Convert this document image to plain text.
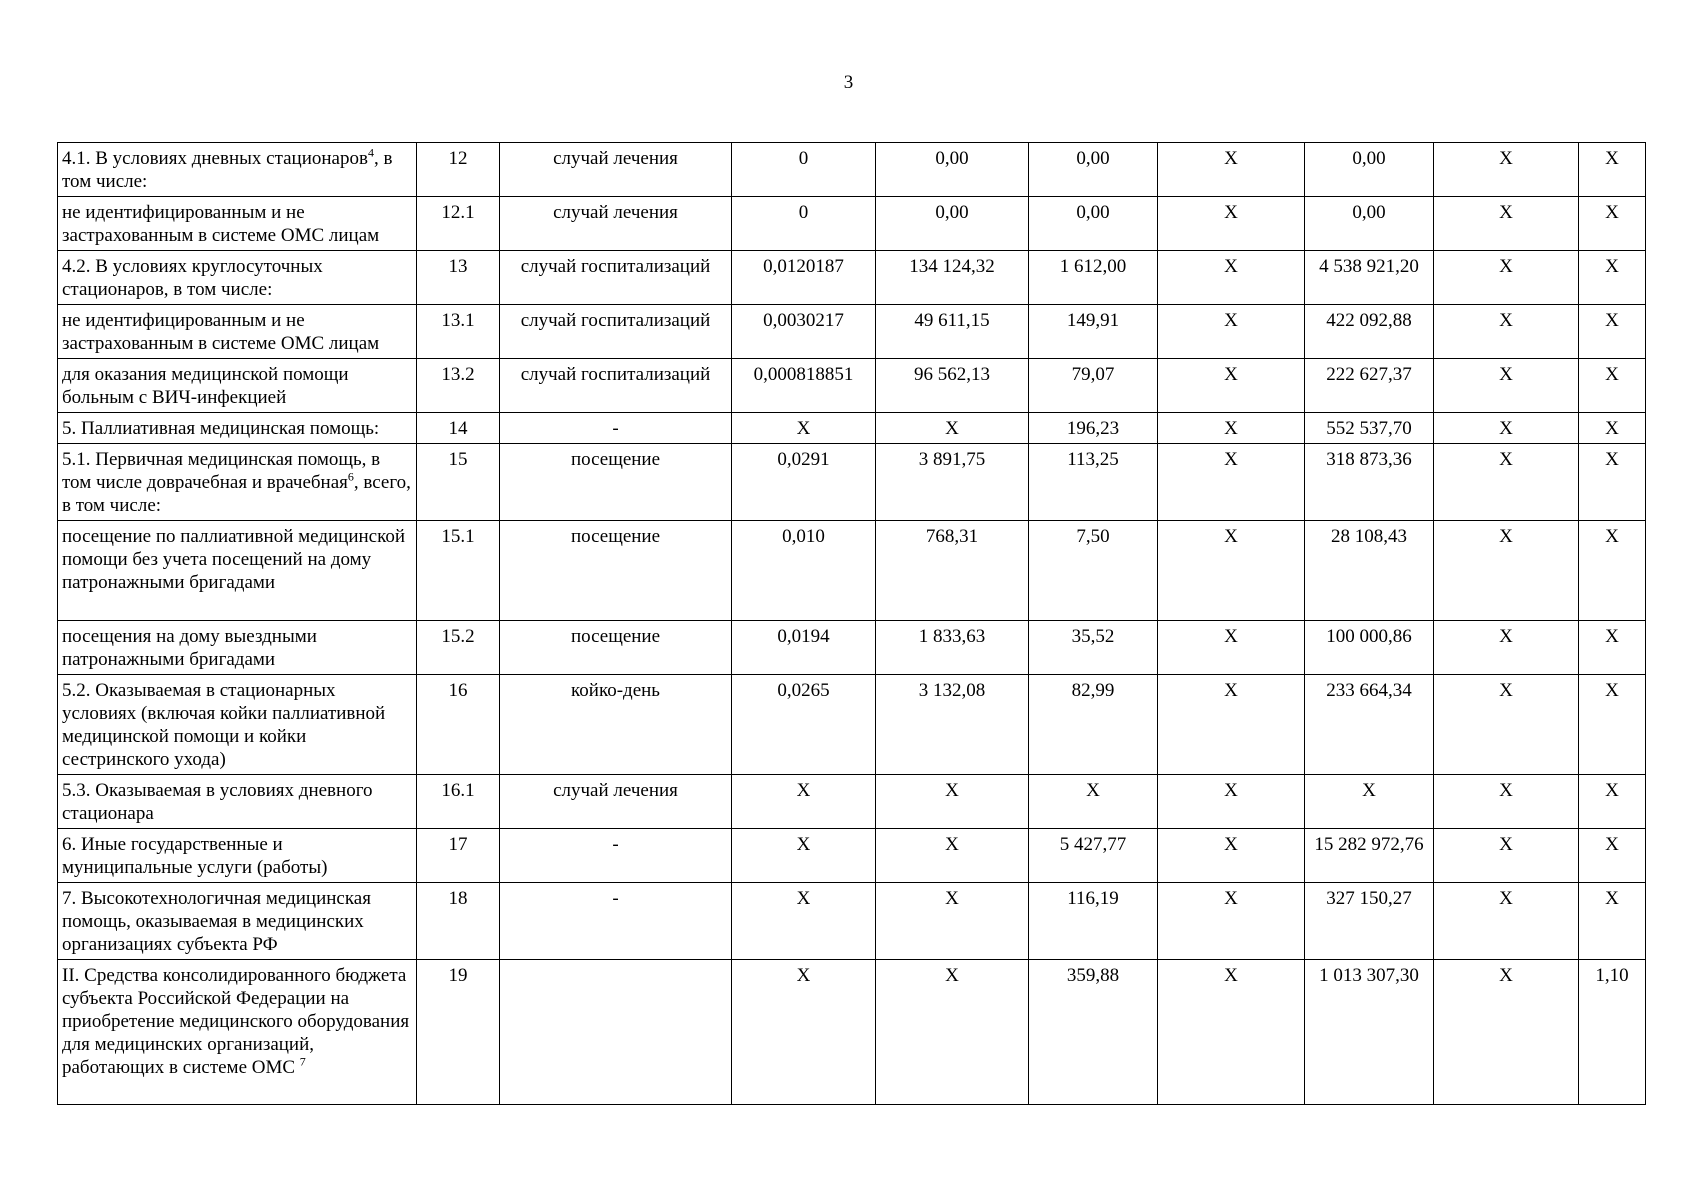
3
4.1. В условиях дневных стационаров$^4$, в том числе:	12	случай лечения	0	0,00	0,00	X	0,00	X	X
не идентифицированным и не застрахованным в системе ОМС лицам	12.1	случай лечения	0	0,00	0,00	X	0,00	X	X
4.2. В условиях круглосуточных стационаров, в том числе:	13	случай госпитализаций	0,0120187	134 124,32	1 612,00	X	4 538 921,20	X	X
не идентифицированным и не застрахованным в системе ОМС лицам	13.1	случай госпитализаций	0,0030217	49 611,15	149,91	X	422 092,88	X	X
для оказания медицинской помощи больным с ВИЧ-инфекцией	13.2	случай госпитализаций	0,000818851	96 562,13	79,07	X	222 627,37	X	X
5. Паллиативная медицинская помощь:	14	-	X	X	196,23	X	552 537,70	X	X
5.1. Первичная медицинская помощь, в том числе доврачебная и врачебная$^6$, всего, в том числе:	15	посещение	0,0291	3 891,75	113,25	X	318 873,36	X	X
посещение по паллиативной медицинской помощи без учета посещений на дому патронажными бригадами	15.1	посещение	0,010	768,31	7,50	X	28 108,43	X	X
посещения на дому выездными патронажными бригадами	15.2	посещение	0,0194	1 833,63	35,52	X	100 000,86	X	X
5.2. Оказываемая в стационарных условиях (включая койки паллиативной медицинской помощи и койки сестринского ухода)	16	койко-день	0,0265	3 132,08	82,99	X	233 664,34	X	X
5.3. Оказываемая в условиях дневного стационара	16.1	случай лечения	X	X	X	X	X	X	X
6. Иные государственные и муниципальные услуги (работы)	17	-	X	X	5 427,77	X	15 282 972,76	X	X
7. Высокотехнологичная медицинская помощь, оказываемая в медицинских организациях субъекта РФ	18	-	X	X	116,19	X	327 150,27	X	X
II. Средства консолидированного бюджета субъекта Российской Федерации на приобретение медицинского оборудования для медицинских организаций, работающих в системе ОМС $^7$	19		X	X	359,88	X	1 013 307,30	X	1,10
